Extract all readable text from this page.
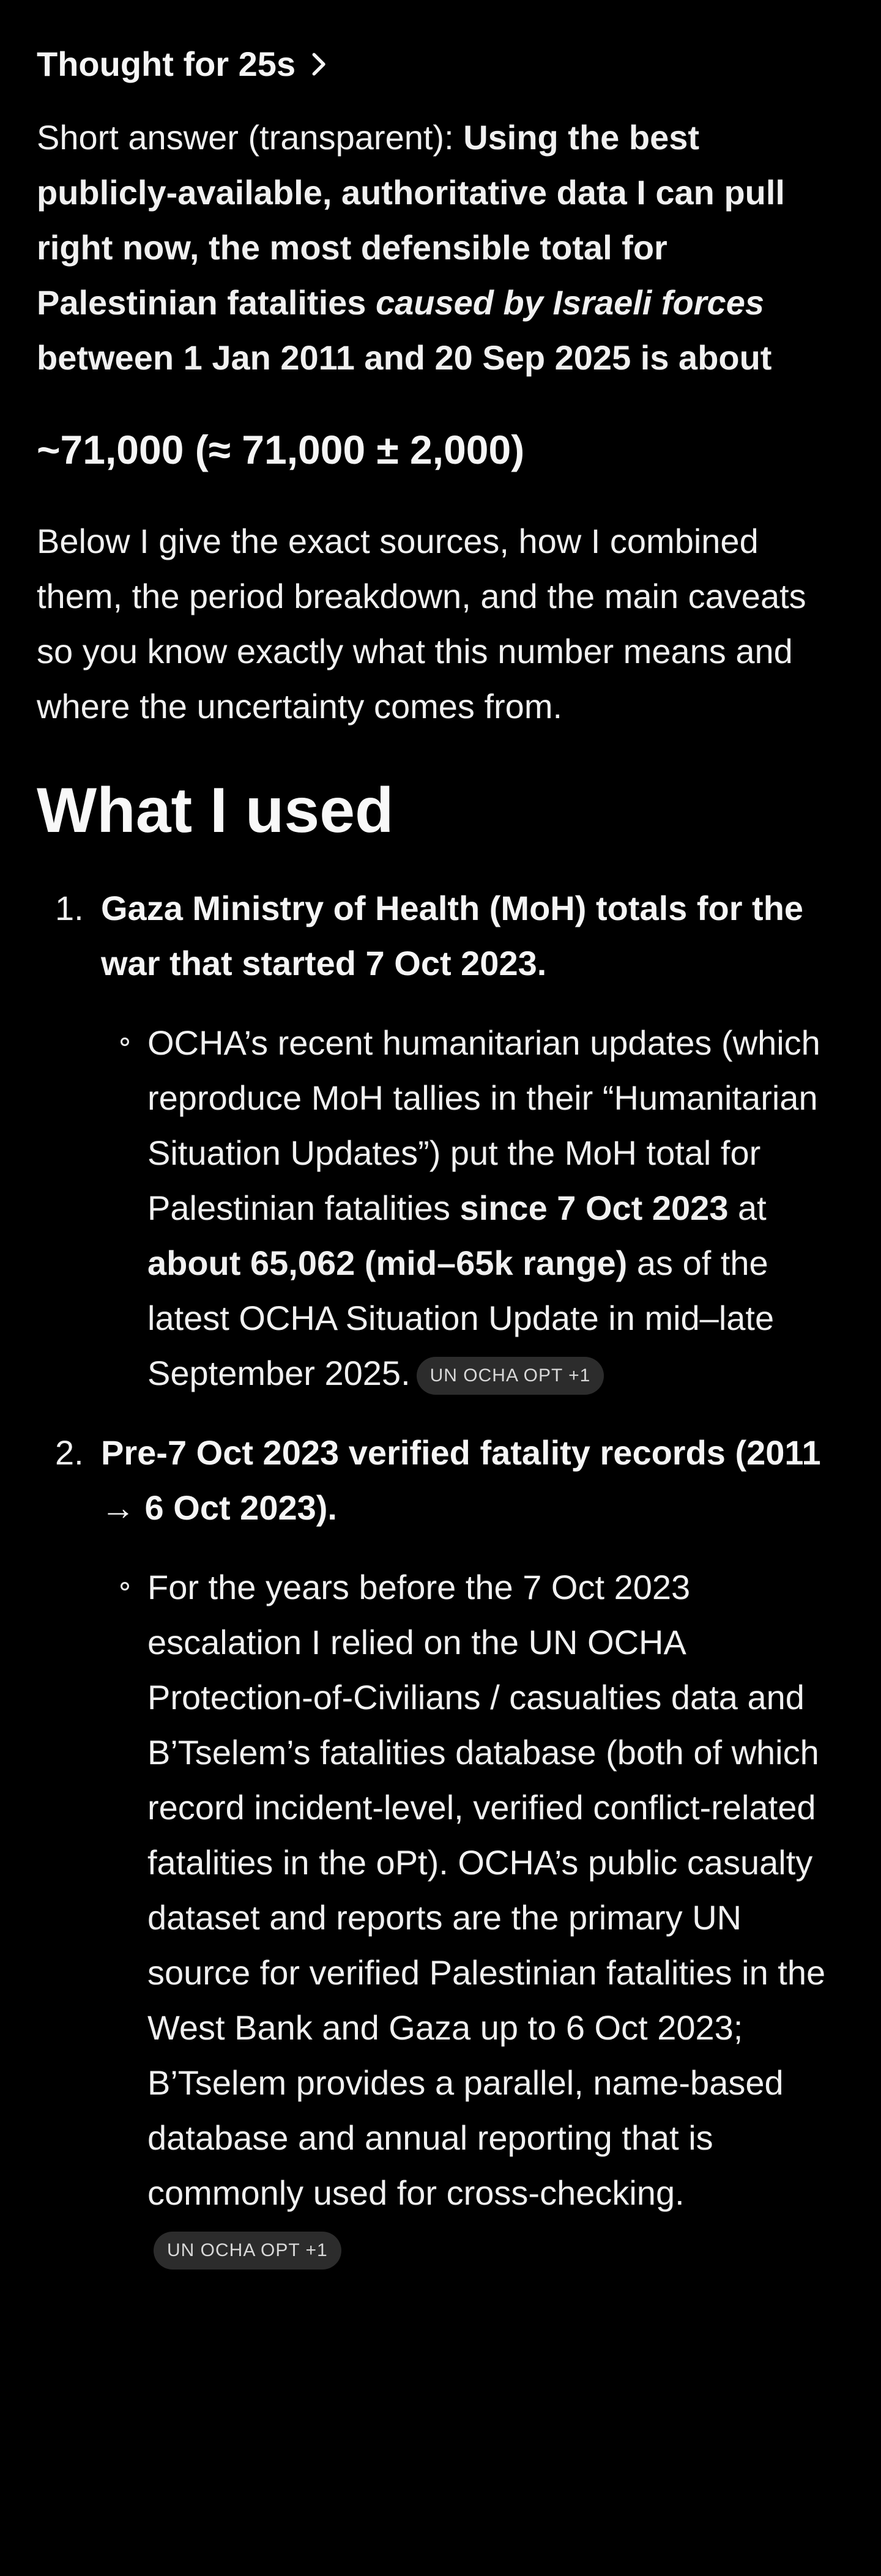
Thought for 25s

Short answer (transparent): Using the best publicly-available, authoritative data I can pull right now, the most defensible total for Palestinian fatalities caused by Israeli forces between 1 Jan 2011 and 20 Sep 2025 is about

~71,000 (≈ 71,000 ± 2,000)

Below I give the exact sources, how I combined them, the period breakdown, and the main caveats so you know exactly what this number means and where the uncertainty comes from.

What I used
1. Gaza Ministry of Health (MoH) totals for the war that started 7 Oct 2023.
OCHA’s recent humanitarian updates (which reproduce MoH tallies in their “Humanitarian Situation Updates”) put the MoH total for Palestinian fatalities since 7 Oct 2023 at about 65,062 (mid–65k range) as of the latest OCHA Situation Update in mid–late September 2025. UN OCHA OPT +1
2. Pre-7 Oct 2023 verified fatality records (2011 → 6 Oct 2023).
For the years before the 7 Oct 2023 escalation I relied on the UN OCHA Protection-of-Civilians / casualties data and B’Tselem’s fatalities database (both of which record incident-level, verified conflict-related fatalities in the oPt). OCHA’s public casualty dataset and reports are the primary UN source for verified Palestinian fatalities in the West Bank and Gaza up to 6 Oct 2023; B’Tselem provides a parallel, name-based database and annual reporting that is commonly used for cross-checking.UN OCHA OPT +1
